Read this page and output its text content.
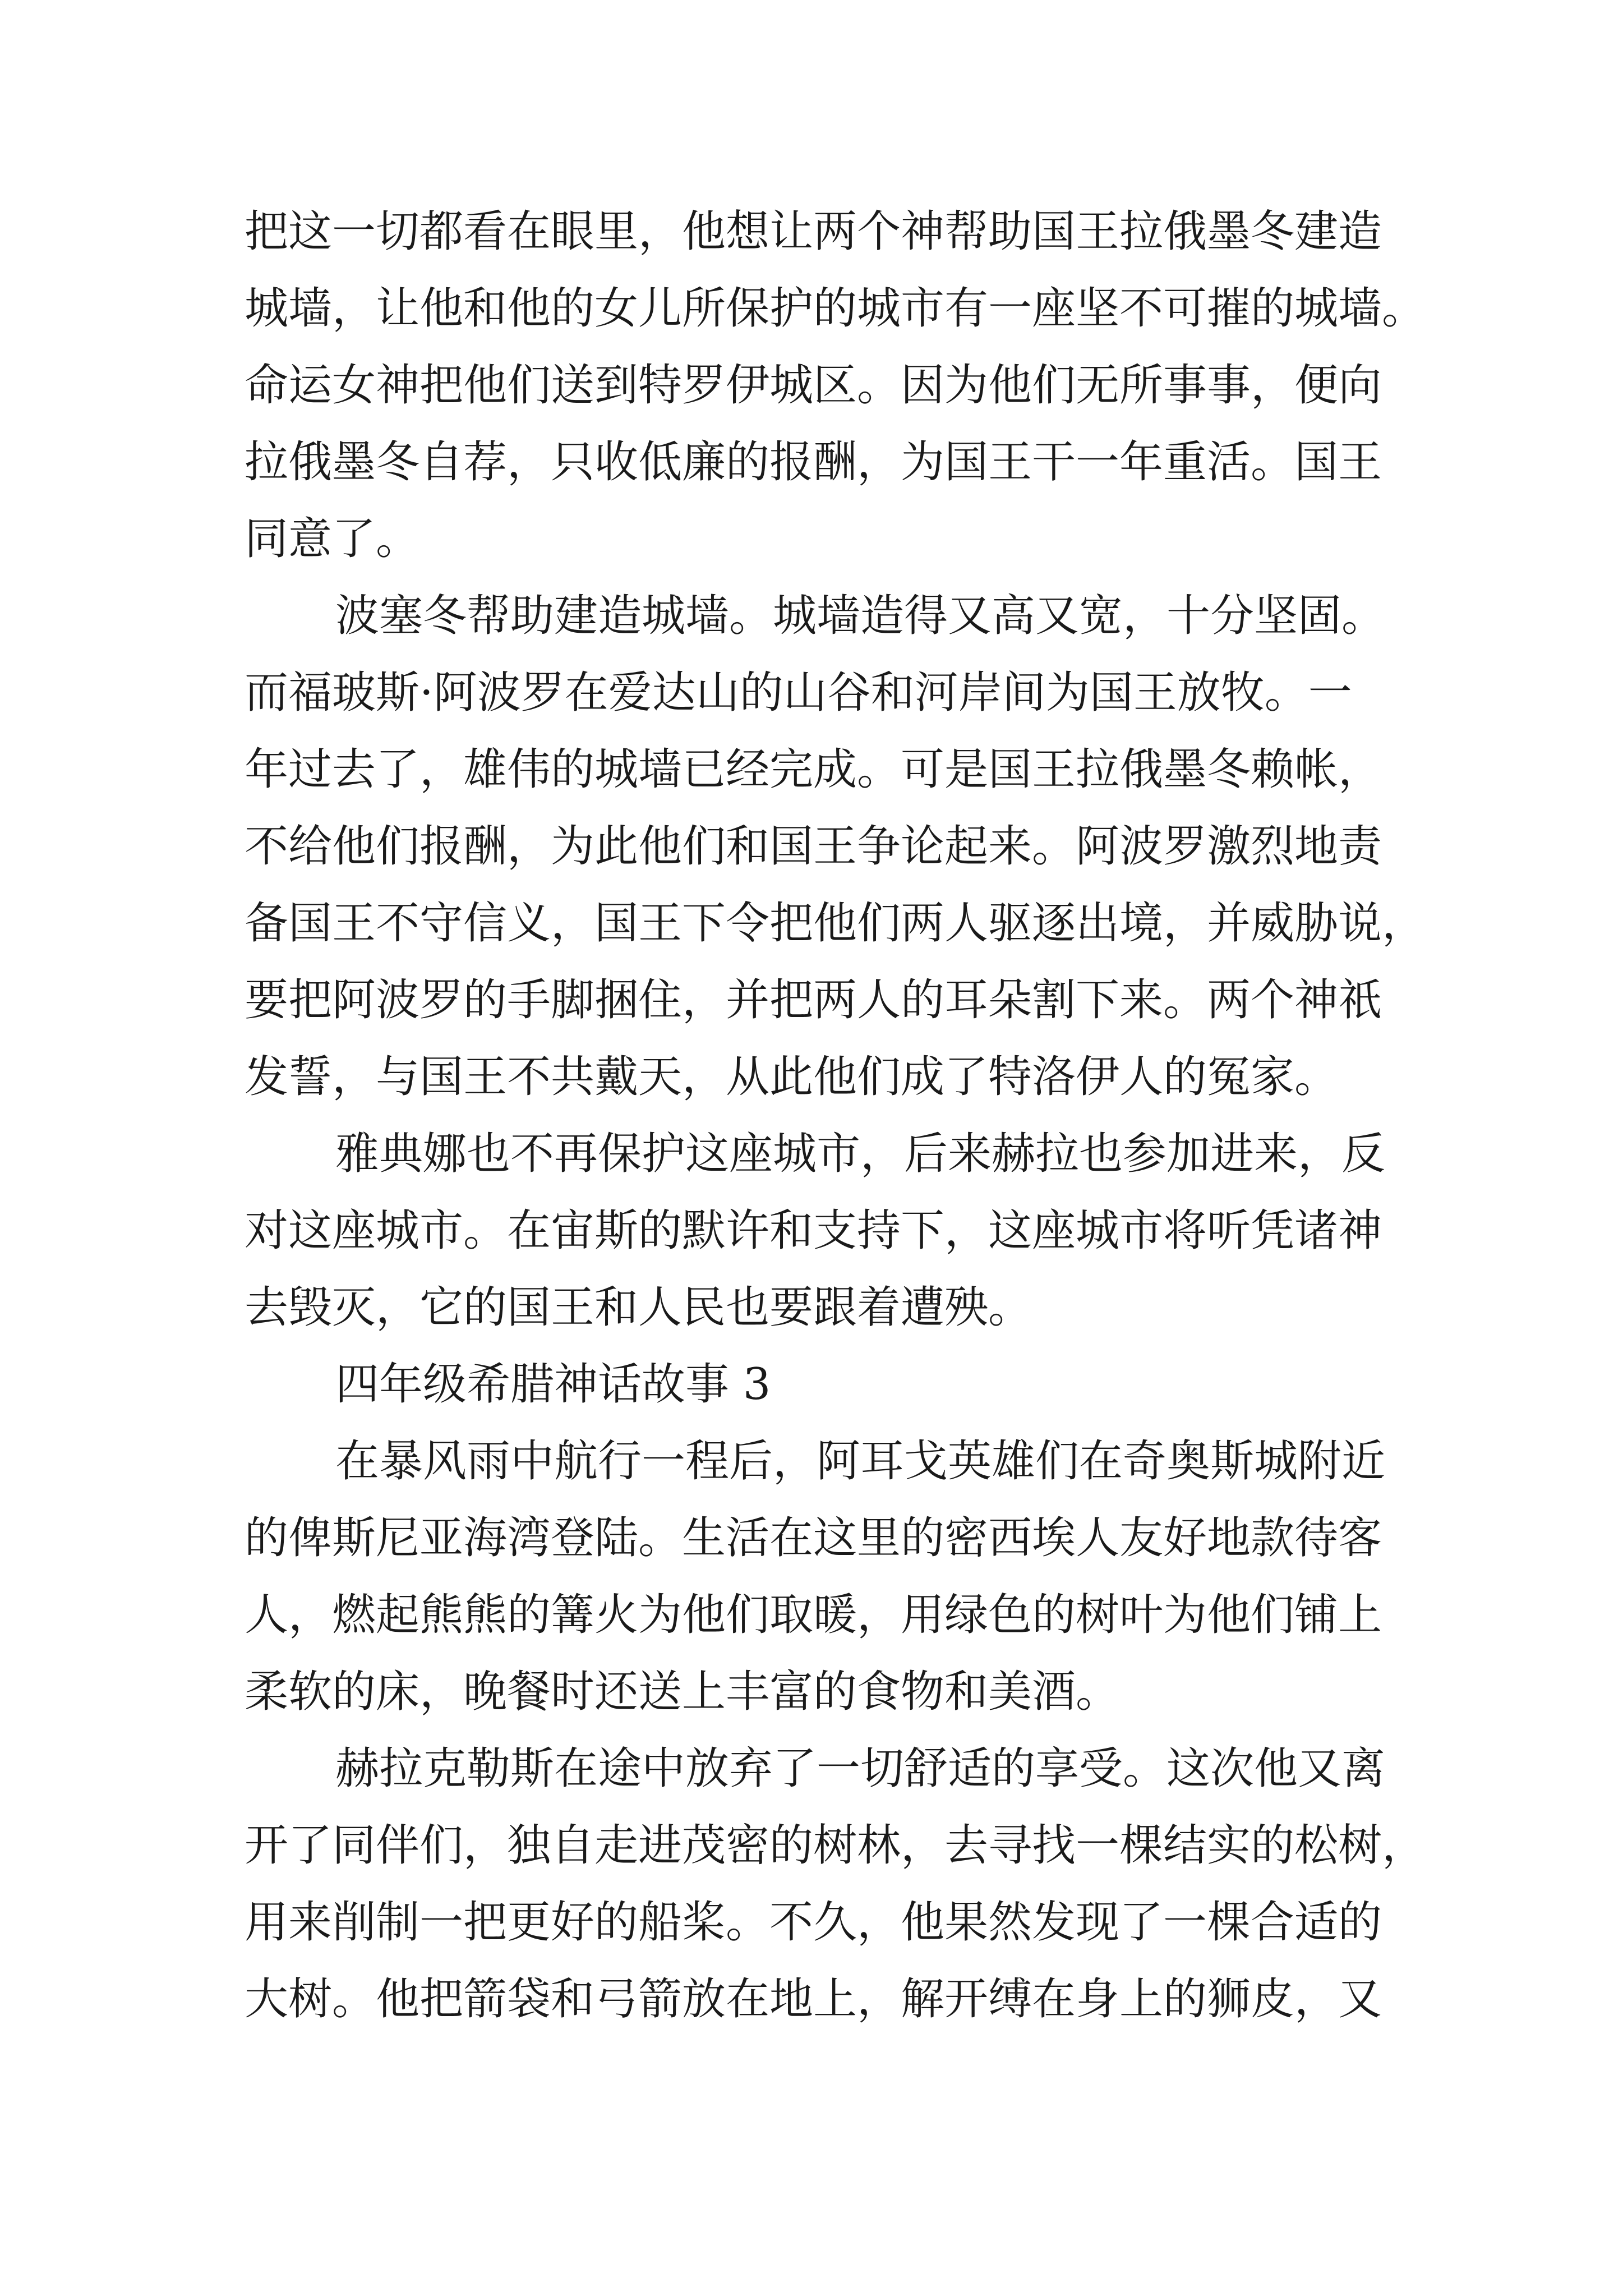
把这一切都看在眼里，他想让两个神帮助国王拉俄墨冬建造
城墙，让他和他的女儿所保护的城市有一座坚不可摧的城墙。
命运女神把他们送到特罗伊城区。因为他们无所事事，便向
拉俄墨冬自荐，只收低廉的报酬，为国王干一年重活。国王
同意了。
波塞冬帮助建造城墙。城墙造得又高又宽，十分坚固。
而福玻斯·阿波罗在爱达山的山谷和河岸间为国王放牧。一
年过去了，雄伟的城墙已经完成。可是国王拉俄墨冬赖帐，
不给他们报酬，为此他们和国王争论起来。阿波罗激烈地责
备国王不守信义，国王下令把他们两人驱逐出境，并威胁说，
要把阿波罗的手脚捆住，并把两人的耳朵割下来。两个神祇
发誓，与国王不共戴天，从此他们成了特洛伊人的冤家。
雅典娜也不再保护这座城市，后来赫拉也参加进来，反
对这座城市。在宙斯的默许和支持下，这座城市将听凭诸神
去毁灭，它的国王和人民也要跟着遭殃。
四年级希腊神话故事 3
在暴风雨中航行一程后，阿耳戈英雄们在奇奥斯城附近
的俾斯尼亚海湾登陆。生活在这里的密西埃人友好地款待客
人，燃起熊熊的篝火为他们取暖，用绿色的树叶为他们铺上
柔软的床，晚餐时还送上丰富的食物和美酒。
赫拉克勒斯在途中放弃了一切舒适的享受。这次他又离
开了同伴们，独自走进茂密的树林，去寻找一棵结实的松树，
用来削制一把更好的船桨。不久，他果然发现了一棵合适的
大树。他把箭袋和弓箭放在地上，解开缚在身上的狮皮，又
